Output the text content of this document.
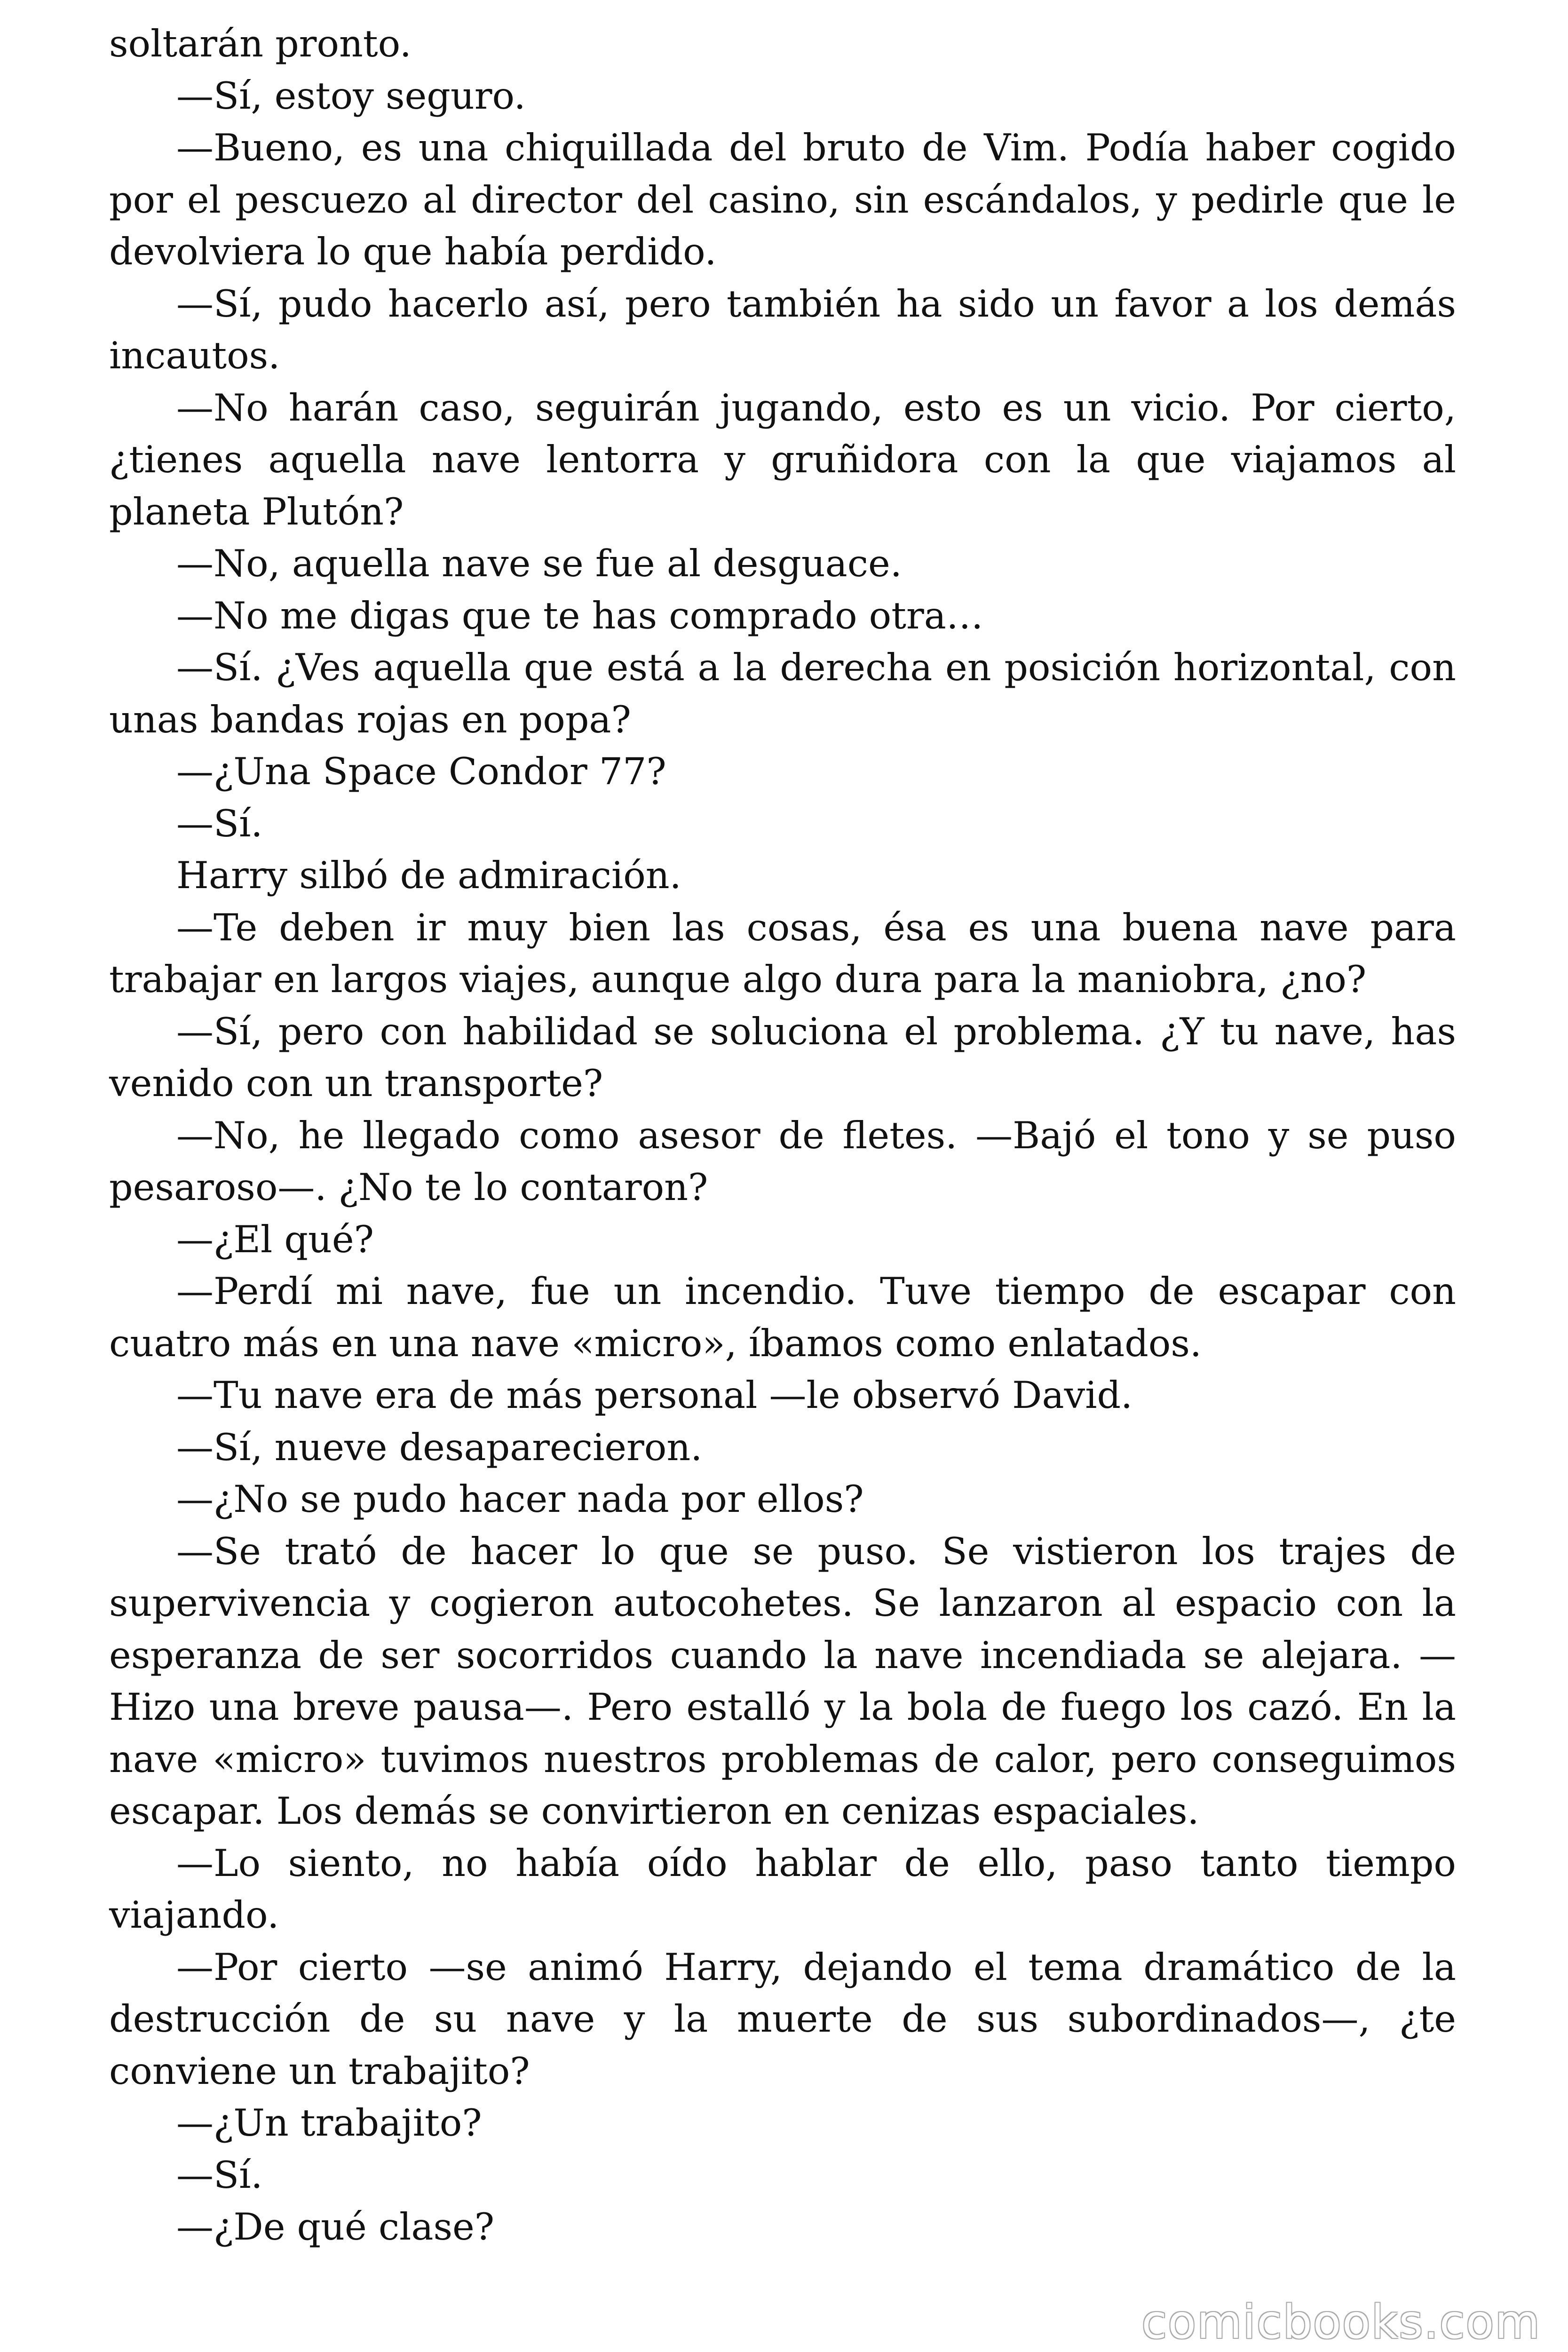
soltarán pronto.

—Sí, estoy seguro.

—Bueno, es una chiquillada del bruto de Vim. Podía haber cogido por el pescuezo al director del casino, sin escándalos, y pedirle que le devolviera lo que había perdido.

—Sí, pudo hacerlo así, pero también ha sido un favor a los demás incautos.

—No harán caso, seguirán jugando, esto es un vicio. Por cierto, ¿tienes aquella nave lentorra y gruñidora con la que viajamos al planeta Plutón?

—No, aquella nave se fue al desguace.

—No me digas que te has comprado otra…

—Sí. ¿Ves aquella que está a la derecha en posición horizontal, con unas bandas rojas en popa?

—¿Una Space Condor 77?

—Sí.

Harry silbó de admiración.

—Te deben ir muy bien las cosas, ésa es una buena nave para trabajar en largos viajes, aunque algo dura para la maniobra, ¿no?

—Sí, pero con habilidad se soluciona el problema. ¿Y tu nave, has venido con un transporte?

—No, he llegado como asesor de fletes. —Bajó el tono y se puso pesaroso—. ¿No te lo contaron?

—¿El qué?

—Perdí mi nave, fue un incendio. Tuve tiempo de escapar con cuatro más en una nave «micro», íbamos como enlatados.

—Tu nave era de más personal —le observó David.

—Sí, nueve desaparecieron.

—¿No se pudo hacer nada por ellos?

—Se trató de hacer lo que se puso. Se vistieron los trajes de supervivencia y cogieron autocohetes. Se lanzaron al espacio con la esperanza de ser socorridos cuando la nave incendiada se alejara. —Hizo una breve pausa—. Pero estalló y la bola de fuego los cazó. En la nave «micro» tuvimos nuestros problemas de calor, pero conseguimos escapar. Los demás se convirtieron en cenizas espaciales.

—Lo siento, no había oído hablar de ello, paso tanto tiempo viajando.

—Por cierto —se animó Harry, dejando el tema dramático de la destrucción de su nave y la muerte de sus subordinados—, ¿te conviene un trabajito?

—¿Un trabajito?

—Sí.

—¿De qué clase?

comicbooks.com
